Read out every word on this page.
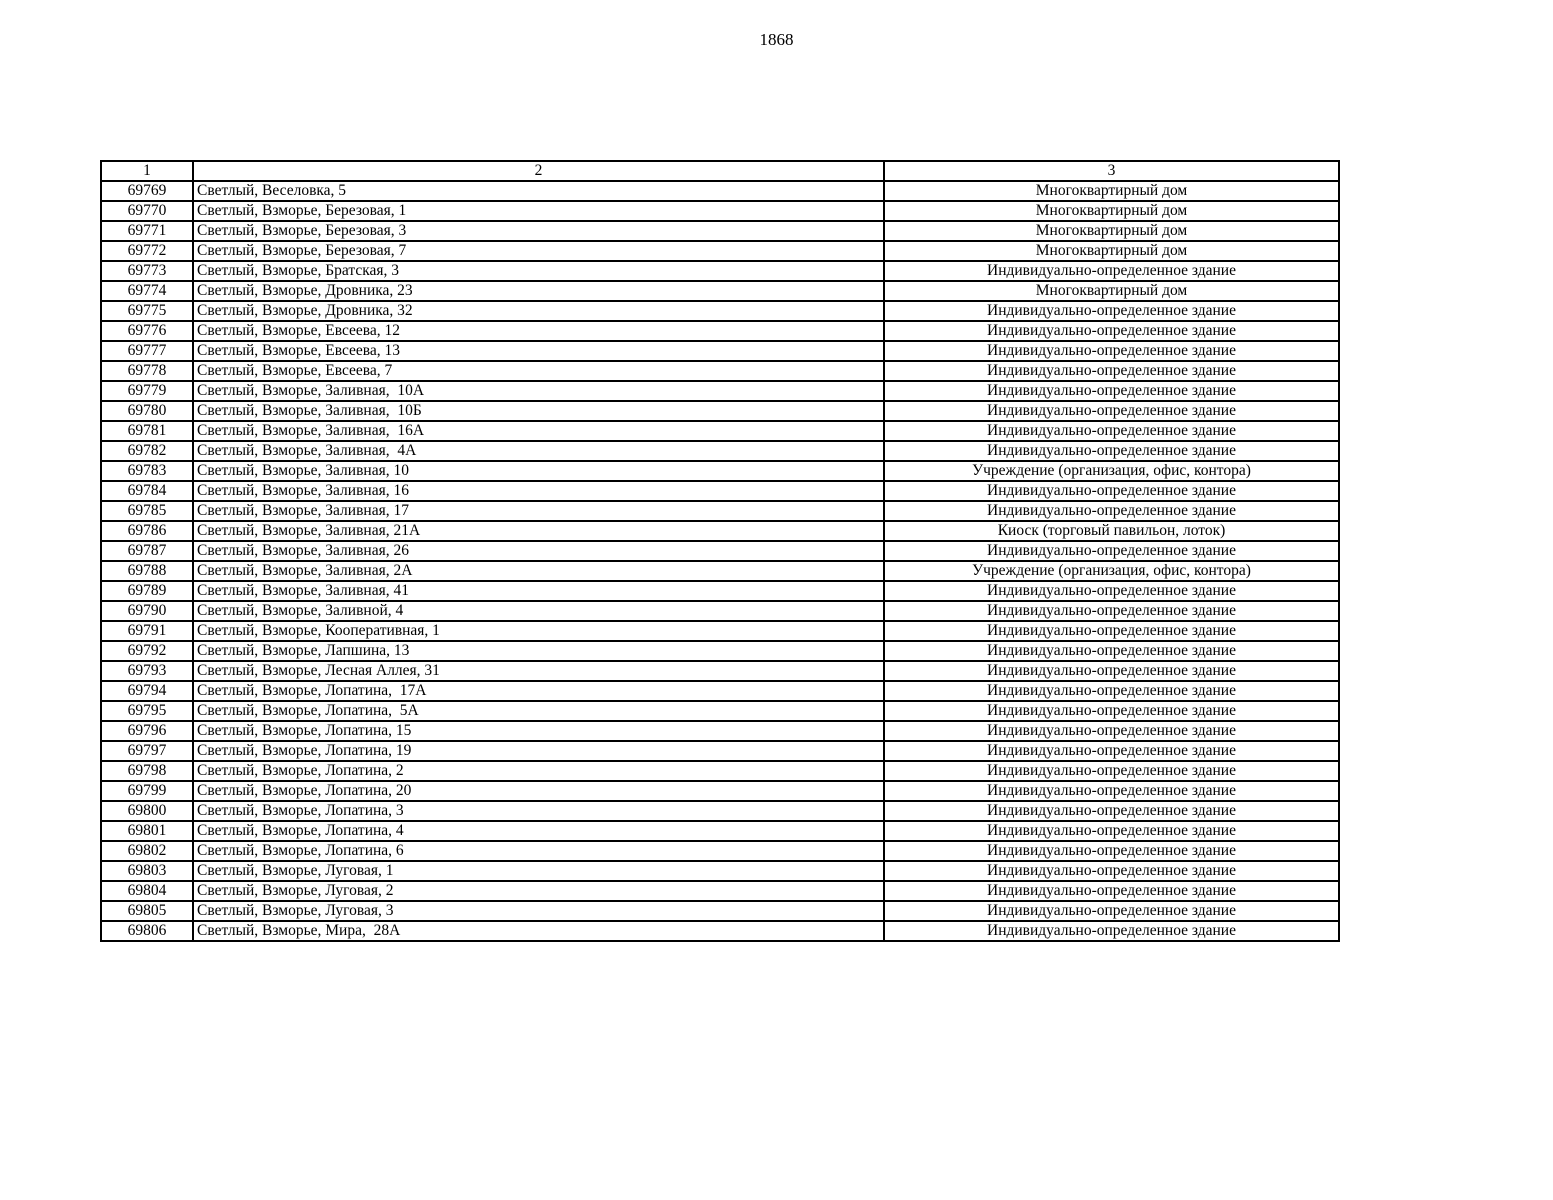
1868
1	2	3
69769	Светлый, Веселовка, 5	Многоквартирный дом
69770	Светлый, Взморье, Березовая, 1	Многоквартирный дом
69771	Светлый, Взморье, Березовая, 3	Многоквартирный дом
69772	Светлый, Взморье, Березовая, 7	Многоквартирный дом
69773	Светлый, Взморье, Братская, 3	Индивидуально-определенное здание
69774	Светлый, Взморье, Дровника, 23	Многоквартирный дом
69775	Светлый, Взморье, Дровника, 32	Индивидуально-определенное здание
69776	Светлый, Взморье, Евсеева, 12	Индивидуально-определенное здание
69777	Светлый, Взморье, Евсеева, 13	Индивидуально-определенное здание
69778	Светлый, Взморье, Евсеева, 7	Индивидуально-определенное здание
69779	Светлый, Взморье, Заливная,  10А	Индивидуально-определенное здание
69780	Светлый, Взморье, Заливная,  10Б	Индивидуально-определенное здание
69781	Светлый, Взморье, Заливная,  16А	Индивидуально-определенное здание
69782	Светлый, Взморье, Заливная,  4А	Индивидуально-определенное здание
69783	Светлый, Взморье, Заливная, 10	Учреждение (организация, офис, контора)
69784	Светлый, Взморье, Заливная, 16	Индивидуально-определенное здание
69785	Светлый, Взморье, Заливная, 17	Индивидуально-определенное здание
69786	Светлый, Взморье, Заливная, 21А	Киоск (торговый павильон, лоток)
69787	Светлый, Взморье, Заливная, 26	Индивидуально-определенное здание
69788	Светлый, Взморье, Заливная, 2А	Учреждение (организация, офис, контора)
69789	Светлый, Взморье, Заливная, 41	Индивидуально-определенное здание
69790	Светлый, Взморье, Заливной, 4	Индивидуально-определенное здание
69791	Светлый, Взморье, Кооперативная, 1	Индивидуально-определенное здание
69792	Светлый, Взморье, Лапшина, 13	Индивидуально-определенное здание
69793	Светлый, Взморье, Лесная Аллея, 31	Индивидуально-определенное здание
69794	Светлый, Взморье, Лопатина,  17А	Индивидуально-определенное здание
69795	Светлый, Взморье, Лопатина,  5А	Индивидуально-определенное здание
69796	Светлый, Взморье, Лопатина, 15	Индивидуально-определенное здание
69797	Светлый, Взморье, Лопатина, 19	Индивидуально-определенное здание
69798	Светлый, Взморье, Лопатина, 2	Индивидуально-определенное здание
69799	Светлый, Взморье, Лопатина, 20	Индивидуально-определенное здание
69800	Светлый, Взморье, Лопатина, 3	Индивидуально-определенное здание
69801	Светлый, Взморье, Лопатина, 4	Индивидуально-определенное здание
69802	Светлый, Взморье, Лопатина, 6	Индивидуально-определенное здание
69803	Светлый, Взморье, Луговая, 1	Индивидуально-определенное здание
69804	Светлый, Взморье, Луговая, 2	Индивидуально-определенное здание
69805	Светлый, Взморье, Луговая, 3	Индивидуально-определенное здание
69806	Светлый, Взморье, Мира,  28А	Индивидуально-определенное здание
